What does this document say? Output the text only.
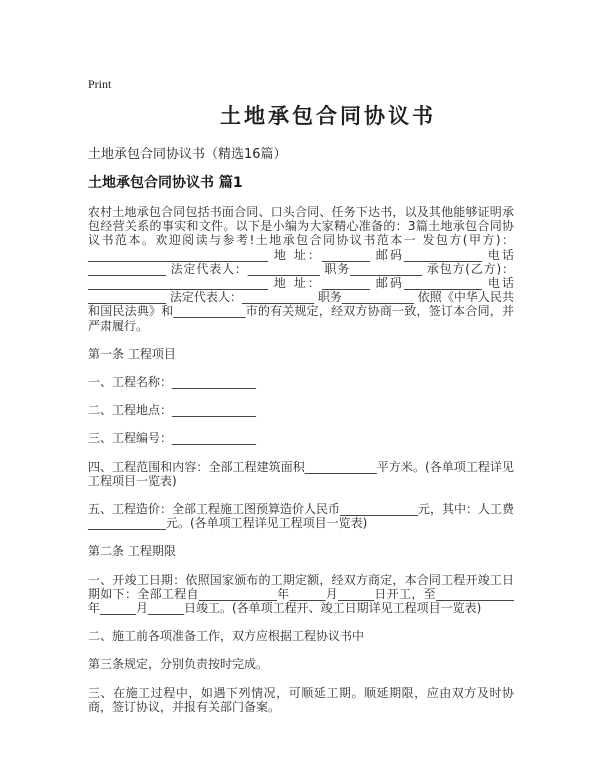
Print
土地承包合同协议书
土地承包合同协议书（精选16篇）
土地承包合同协议书 篇1
农村土地承包合同包括书面合同、口头合同、任务下达书，以及其他能够证明承包经营关系的事实和文件。以下是小编为大家精心准备的：3篇土地承包合同协议书范本。欢迎阅读与参考!土地承包合同协议书范本一 发包方(甲方)：______________________________ 地 址：________ 邮码_____________ 电话_____________ 法定代表人：____________ 职务____________ 承包方(乙方)：______________________________ 地 址：________ 邮码_____________ 电话_____________ 法定代表人：____________ 职务____________ 依照《中华人民共和国民法典》和____________市的有关规定，经双方协商一致，签订本合同，并严肃履行。
第一条 工程项目
一、工程名称：______________
二、工程地点：______________
三、工程编号：______________
四、工程范围和内容：全部工程建筑面积____________平方米。(各单项工程详见工程项目一览表)
五、工程造价：全部工程施工图预算造价人民币_____________元，其中：人工费_____________元。(各单项工程详见工程项目一览表)
第二条 工程期限
一、开竣工日期：依照国家颁布的工期定额，经双方商定，本合同工程开竣工日期如下：全部工程自_____________年______月______日开工，至_____________年______月______日竣工。(各单项工程开、竣工日期详见工程项目一览表)
二、施工前各项准备工作，双方应根据工程协议书中
第三条规定，分别负责按时完成。
三、在施工过程中，如遇下列情况，可顺延工期。顺延期限，应由双方及时协商，签订协议，并报有关部门备案。
